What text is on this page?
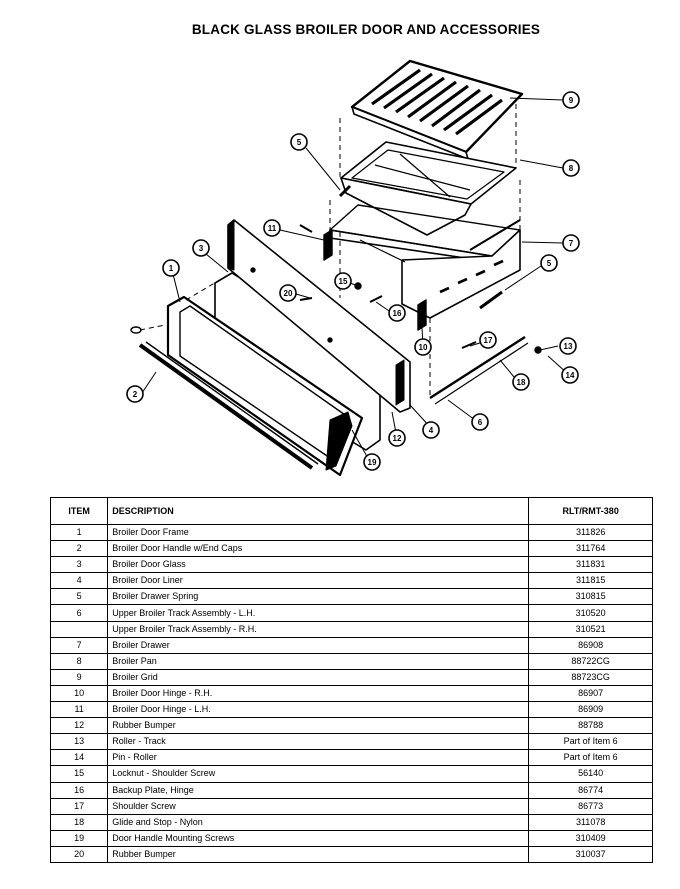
BLACK GLASS BROILER DOOR AND ACCESSORIES
9
8
5
11
7
3
5
1
15
20
16
17
13
10
18
14
2
4
6
12
19
ITEM	DESCRIPTION	RLT/RMT-380
1	Broiler Door Frame	311826
2	Broiler Door Handle w/End Caps	311764
3	Broiler Door Glass	311831
4	Broiler Door Liner	311815
5	Broiler Drawer Spring	310815
6	Upper Broiler Track Assembly - L.H.	310520
	Upper Broiler Track Assembly - R.H.	310521
7	Broiler Drawer	86908
8	Broiler Pan	88722CG
9	Broiler Grid	88723CG
10	Broiler Door Hinge - R.H.	86907
11	Broiler Door Hinge - L.H.	86909
12	Rubber Bumper	88788
13	Roller - Track	Part of Item 6
14	Pin - Roller	Part of Item 6
15	Locknut - Shoulder Screw	56140
16	Backup Plate, Hinge	86774
17	Shoulder Screw	86773
18	Glide and Stop - Nylon	311078
19	Door Handle Mounting Screws	310409
20	Rubber Bumper	310037
